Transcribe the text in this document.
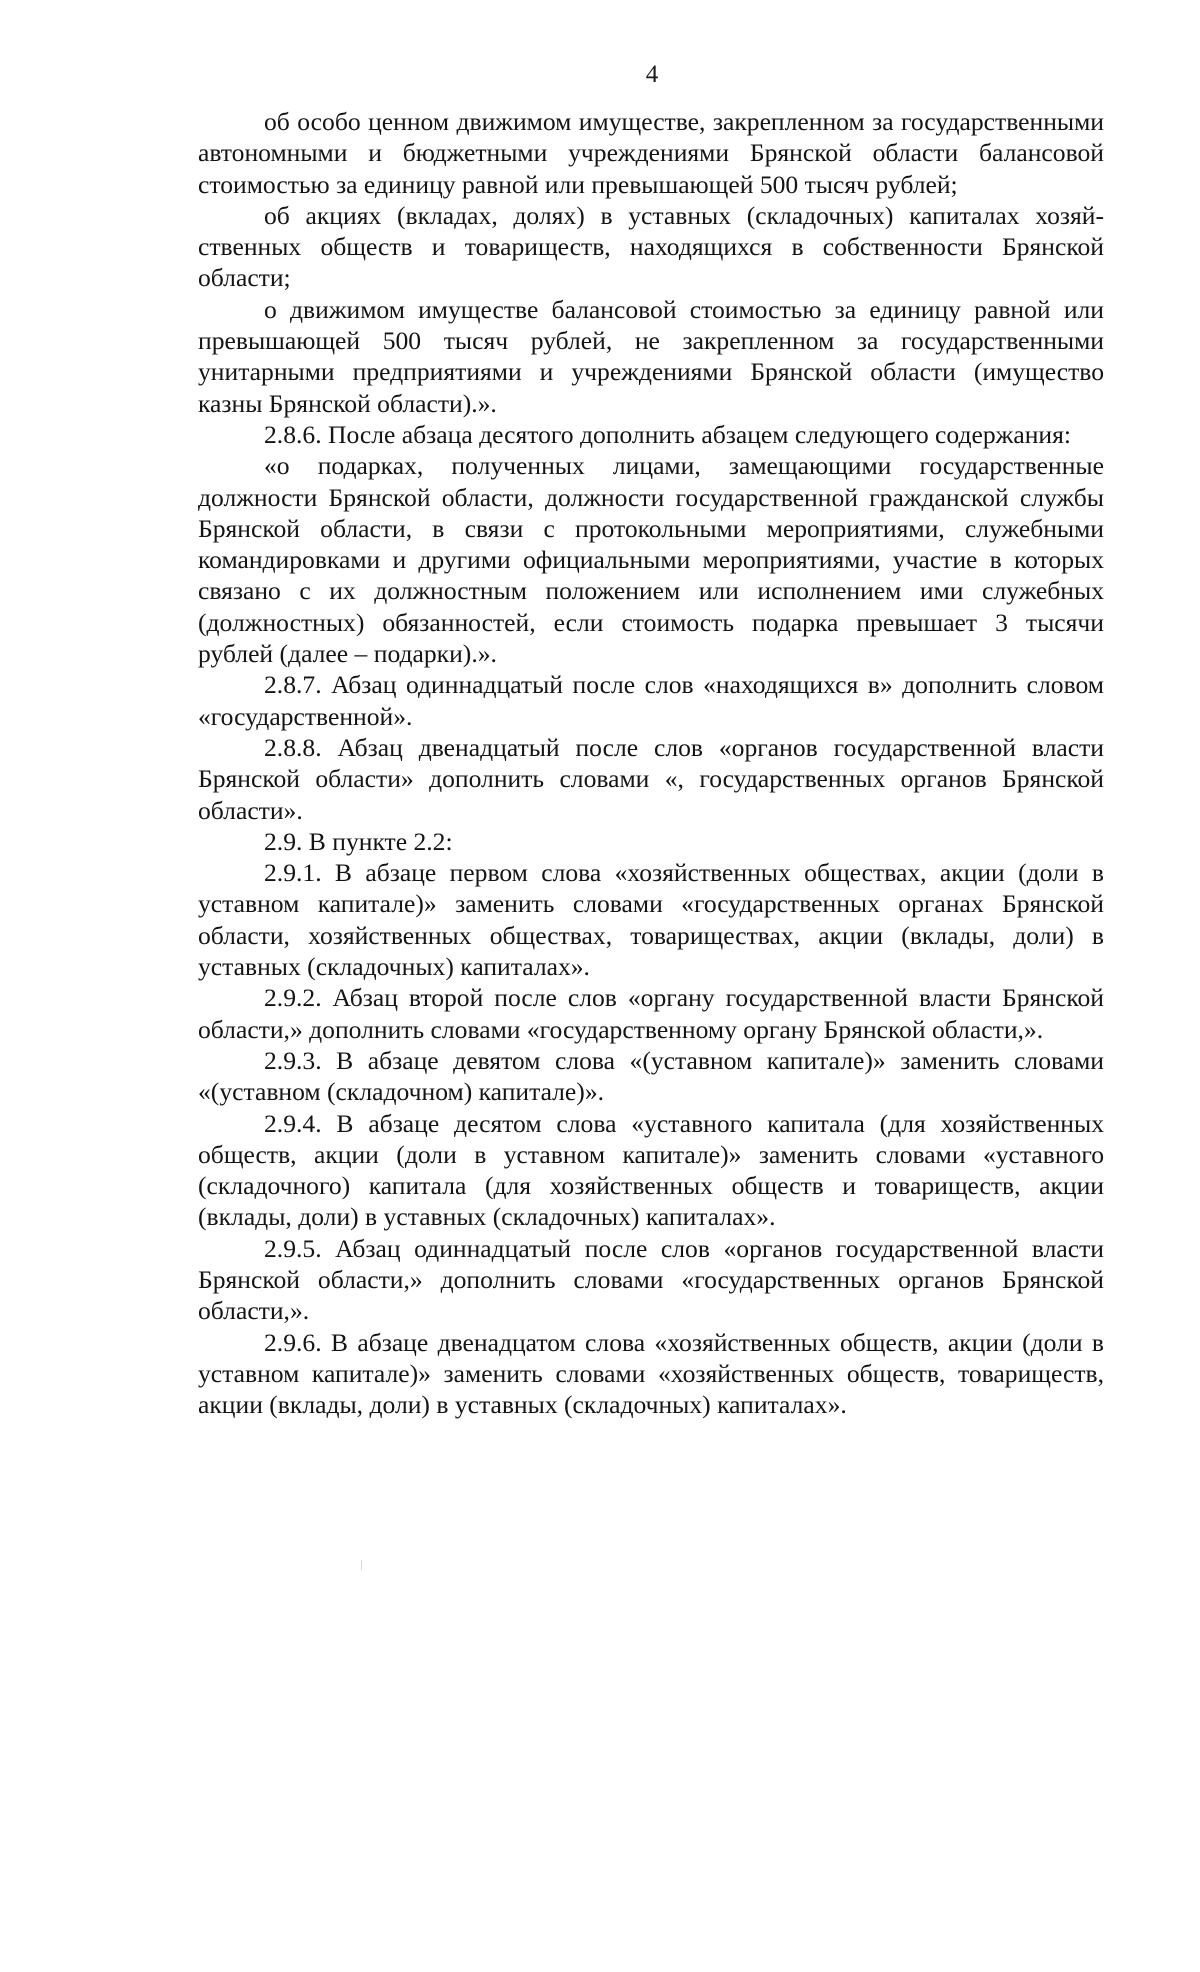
4

об особо ценном движимом имуществе, закрепленном за государственными автономными и бюджетными учреждениями Брянской области балансовой стоимостью за единицу равной или превышающей 500 тысяч рублей;

об акциях (вкладах, долях) в уставных (складочных) капиталах хозяйственных обществ и товариществ, находящихся в собственности Брянской области;

о движимом имуществе балансовой стоимостью за единицу равной или превышающей 500 тысяч рублей, не закрепленном за государственными унитарными предприятиями и учреждениями Брянской области (имущество казны Брянской области).».

2.8.6. После абзаца десятого дополнить абзацем следующего содержания:

«о подарках, полученных лицами, замещающими государственные должности Брянской области, должности государственной гражданской службы Брянской области, в связи с протокольными мероприятиями, служебными командировками и другими официальными мероприятиями, участие в которых связано с их должностным положением или исполнением ими служебных (должностных) обязанностей, если стоимость подарка превышает 3 тысячи рублей (далее – подарки).».

2.8.7. Абзац одиннадцатый после слов «находящихся в» дополнить словом «государственной».

2.8.8. Абзац двенадцатый после слов «органов государственной власти Брянской области» дополнить словами «, государственных органов Брянской области».

2.9. В пункте 2.2:

2.9.1. В абзаце первом слова «хозяйственных обществах, акции (доли в уставном капитале)» заменить словами «государственных органах Брянской области, хозяйственных обществах, товариществах, акции (вклады, доли) в уставных (складочных) капиталах».

2.9.2. Абзац второй после слов «органу государственной власти Брянской области,» дополнить словами «государственному органу Брянской области,».

2.9.3. В абзаце девятом слова «(уставном капитале)» заменить словами «(уставном (складочном) капитале)».

2.9.4. В абзаце десятом слова «уставного капитала (для хозяйственных обществ, акции (доли в уставном капитале)» заменить словами «уставного (складочного) капитала (для хозяйственных обществ и товариществ, акции (вклады, доли) в уставных (складочных) капиталах».

2.9.5. Абзац одиннадцатый после слов «органов государственной власти Брянской области,» дополнить словами «государственных органов Брянской области,».

2.9.6. В абзаце двенадцатом слова «хозяйственных обществ, акции (доли в уставном капитале)» заменить словами «хозяйственных обществ, товариществ, акции (вклады, доли) в уставных (складочных) капиталах».
